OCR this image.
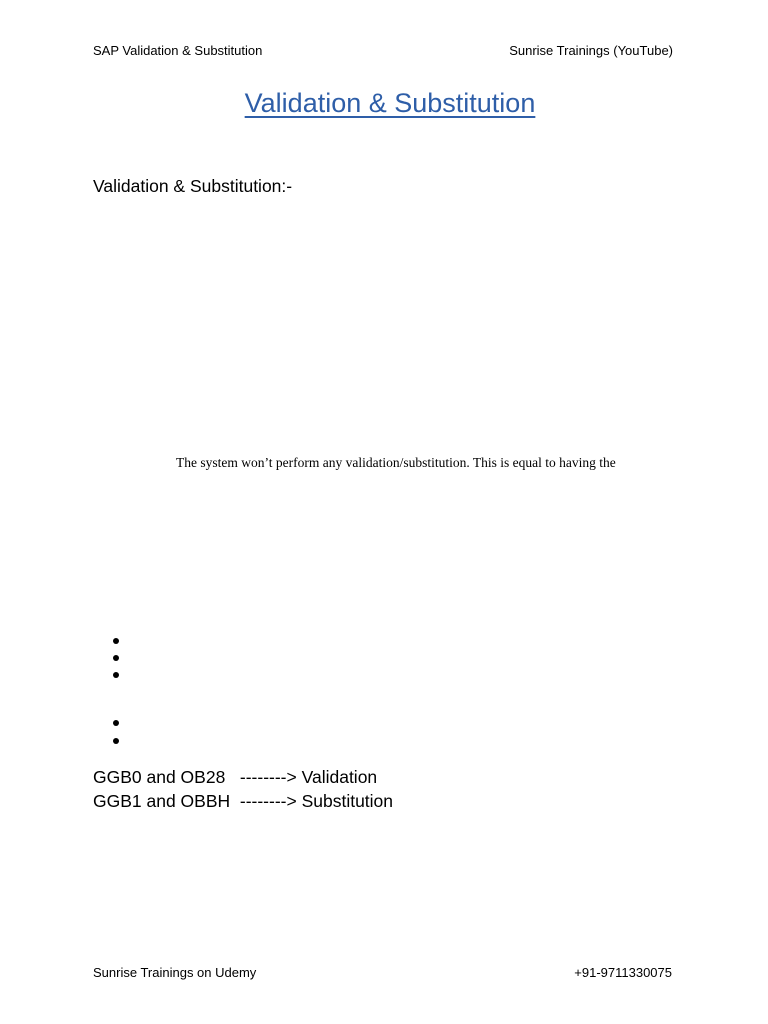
SAP Validation & Substitution	Sunrise Trainings (YouTube)
Validation & Substitution
Validation & Substitution:-
The system won’t perform any validation/substitution. This is equal to having the
GGB0 and OB28   --------> Validation
GGB1 and OBBH  --------> Substitution
Sunrise Trainings on Udemy	+91-9711330075
